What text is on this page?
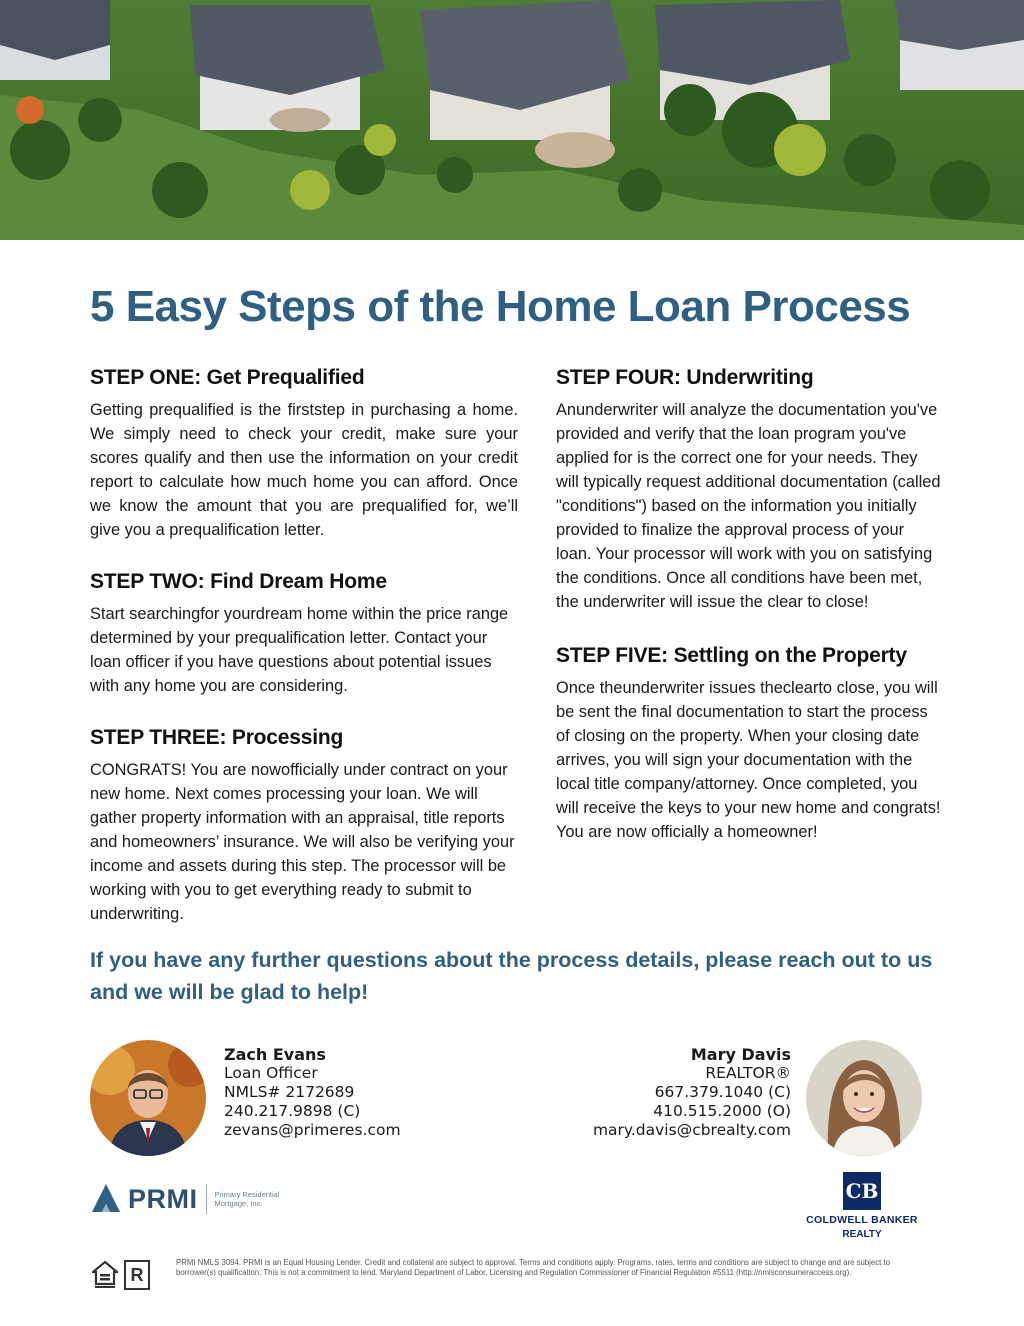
5 Easy Steps of the Home Loan Process
STEP ONE: Get Prequalified

Getting prequalified is the firststep in purchasing a home. We simply need to check your credit, make sure your scores qualify and then use the information on your credit report to calculate how much home you can afford. Once we know the amount that you are prequalified for, we’ll give you a prequalification letter.

STEP TWO: Find Dream Home

Start searchingfor yourdream home within the price range determined by your prequalification letter. Contact your loan officer if you have questions about potential issues with any home you are considering.

STEP THREE: Processing

CONGRATS! You are nowofficially under contract on your new home. Next comes processing your loan. We will gather property information with an appraisal, title reports and homeowners’ insurance. We will also be verifying your income and assets during this step. The processor will be working with you to get everything ready to submit to underwriting.

STEP FOUR: Underwriting

Anunderwriter will analyze the documentation you've provided and verify that the loan program you've applied for is the correct one for your needs. They will typically request additional documentation (called "conditions") based on the information you initially provided to finalize the approval process of your loan. Your processor will work with you on satisfying the conditions. Once all conditions have been met, the underwriter will issue the clear to close!

STEP FIVE: Settling on the Property

Once theunderwriter issues theclearto close, you will be sent the final documentation to start the process of closing on the property. When your closing date arrives, you will sign your documentation with the local title company/attorney. Once completed, you will receive the keys to your new home and congrats! You are now officially a homeowner!

If you have any further questions about the process details, please reach out to us and we will be glad to help!

Zach Evans
Loan Officer
NMLS# 2172689
240.217.9898 (C)
zevans@primeres.com
Mary Davis
REALTOR®
667.379.1040 (C)
410.515.2000 (O)
mary.davis@cbrealty.com
PRMI Primary Residential Mortgage, Inc.
CB
COLDWELL BANKER
REALTY
R

PRMI NMLS 3094. PRMI is an Equal Housing Lender. Credit and collateral are subject to approval. Terms and conditions apply. Programs, rates, terms and conditions are subject to change and are subject to borrower(s) qualification. This is not a commitment to lend. Maryland Department of Labor, Licensing and Regulation Commissioner of Financial Regulation #5511 (http://nmlsconsumeraccess.org).
